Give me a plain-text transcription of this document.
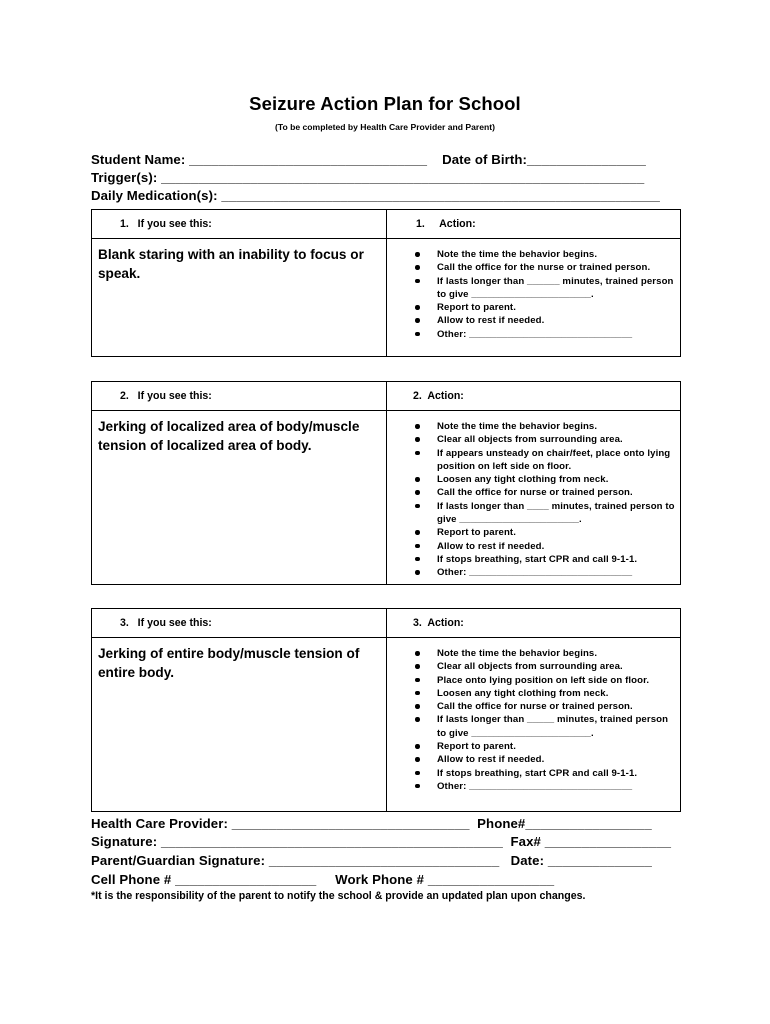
Seizure Action Plan for School
(To be completed by Health Care Provider and Parent)
Student Name: ________________________________    Date of Birth:________________
Trigger(s): _________________________________________________________________
Daily Medication(s): ___________________________________________________________
1.   If you see this:	1.     Action:
Blank staring with an inability to focus or speak.
Note the time the behavior begins.
Call the office for the nurse or trained person.
If lasts longer than ______ minutes, trained person to give ______________________.
Report to parent.
Allow to rest if needed.
Other: ______________________________
2.   If you see this:	2.  Action:
Jerking of localized area of body/muscle tension of localized area of body.
Note the time the behavior begins.
Clear all objects from surrounding area.
If appears unsteady on chair/feet, place onto lying position on left side on floor.
Loosen any tight clothing from neck.
Call the office for nurse or trained person.
If lasts longer than ____ minutes, trained person to give ______________________.
Report to parent.
Allow to rest if needed.
If stops breathing, start CPR and call 9-1-1.
Other: ______________________________
3.   If you see this:	3.  Action:
Jerking of entire body/muscle tension of entire body.
Note the time the behavior begins.
Clear all objects from surrounding area.
Place onto lying position on left side on floor.
Loosen any tight clothing from neck.
Call the office for nurse or trained person.
If lasts longer than _____ minutes, trained person to give ______________________.
Report to parent.
Allow to rest if needed.
If stops breathing, start CPR and call 9-1-1.
Other: ______________________________
Health Care Provider: ________________________________  Phone#_________________
Signature: ______________________________________________  Fax# _________________
Parent/Guardian Signature: _______________________________   Date: ______________
Cell Phone # ___________________     Work Phone # _________________
*It is the responsibility of the parent to notify the school & provide an updated plan upon changes.
